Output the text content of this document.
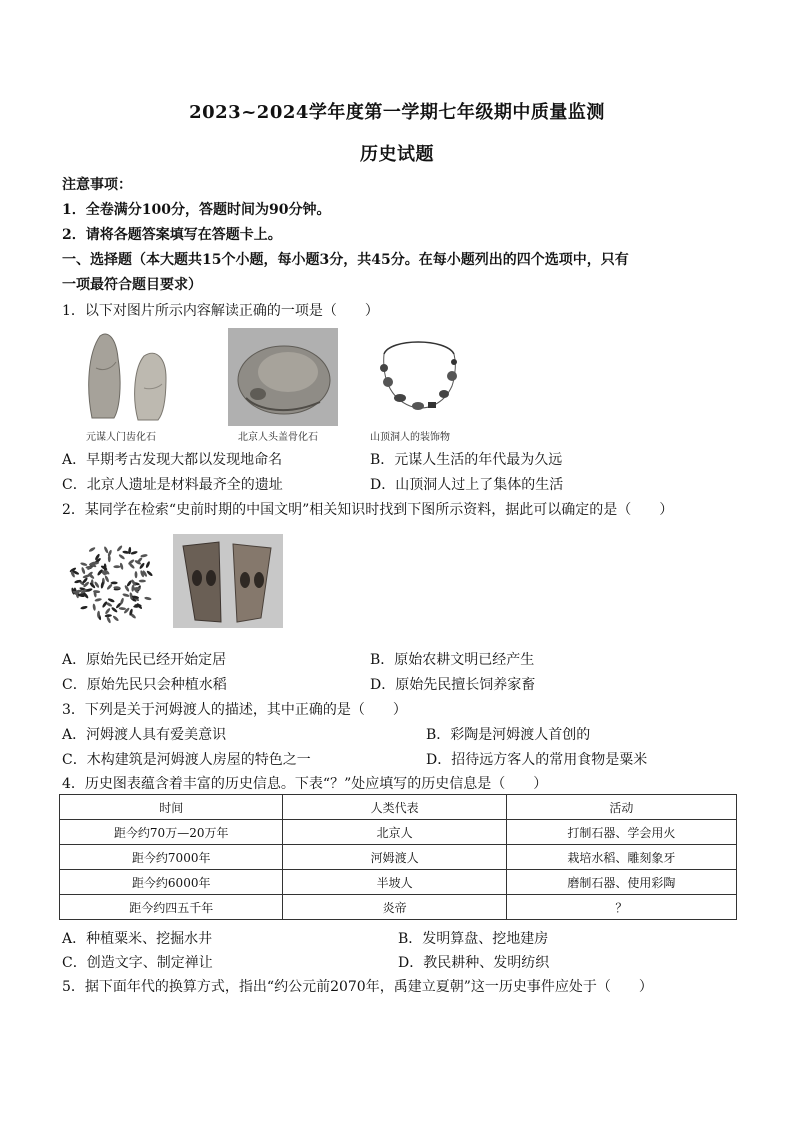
2023~2024学年度第一学期七年级期中质量监测
历史试题
注意事项：
1．全卷满分100分，答题时间为90分钟。
2．请将各题答案填写在答题卡上。
一、选择题（本大题共15个小题，每小题3分，共45分。在每小题列出的四个选项中，只有
一项最符合题目要求）
1．以下对图片所示内容解读正确的一项是（　　）
元谋人门齿化石	北京人头盖骨化石	山顶洞人的装饰物
A．早期考古发现大都以发现地命名	B．元谋人生活的年代最为久远
C．北京人遗址是材料最齐全的遗址	D．山顶洞人过上了集体的生活
2．某同学在检索“史前时期的中国文明”相关知识时找到下图所示资料，据此可以确定的是（　　）
A．原始先民已经开始定居	B．原始农耕文明已经产生
C．原始先民只会种植水稻	D．原始先民擅长饲养家畜
3．下列是关于河姆渡人的描述，其中正确的是（　　）
A．河姆渡人具有爱美意识	B．彩陶是河姆渡人首创的
C．木构建筑是河姆渡人房屋的特色之一	D．招待远方客人的常用食物是粟米
4．历史图表蕴含着丰富的历史信息。下表“？”处应填写的历史信息是（　　）
时间	人类代表	活动
距今约70万—20万年	北京人	打制石器、学会用火
距今约7000年	河姆渡人	栽培水稻、雕刻象牙
距今约6000年	半坡人	磨制石器、使用彩陶
距今约四五千年	炎帝	？
A．种植粟米、挖掘水井	B．发明算盘、挖地建房
C．创造文字、制定禅让	D．教民耕种、发明纺织
5．据下面年代的换算方式，指出“约公元前2070年，禹建立夏朝”这一历史事件应处于（　　）
